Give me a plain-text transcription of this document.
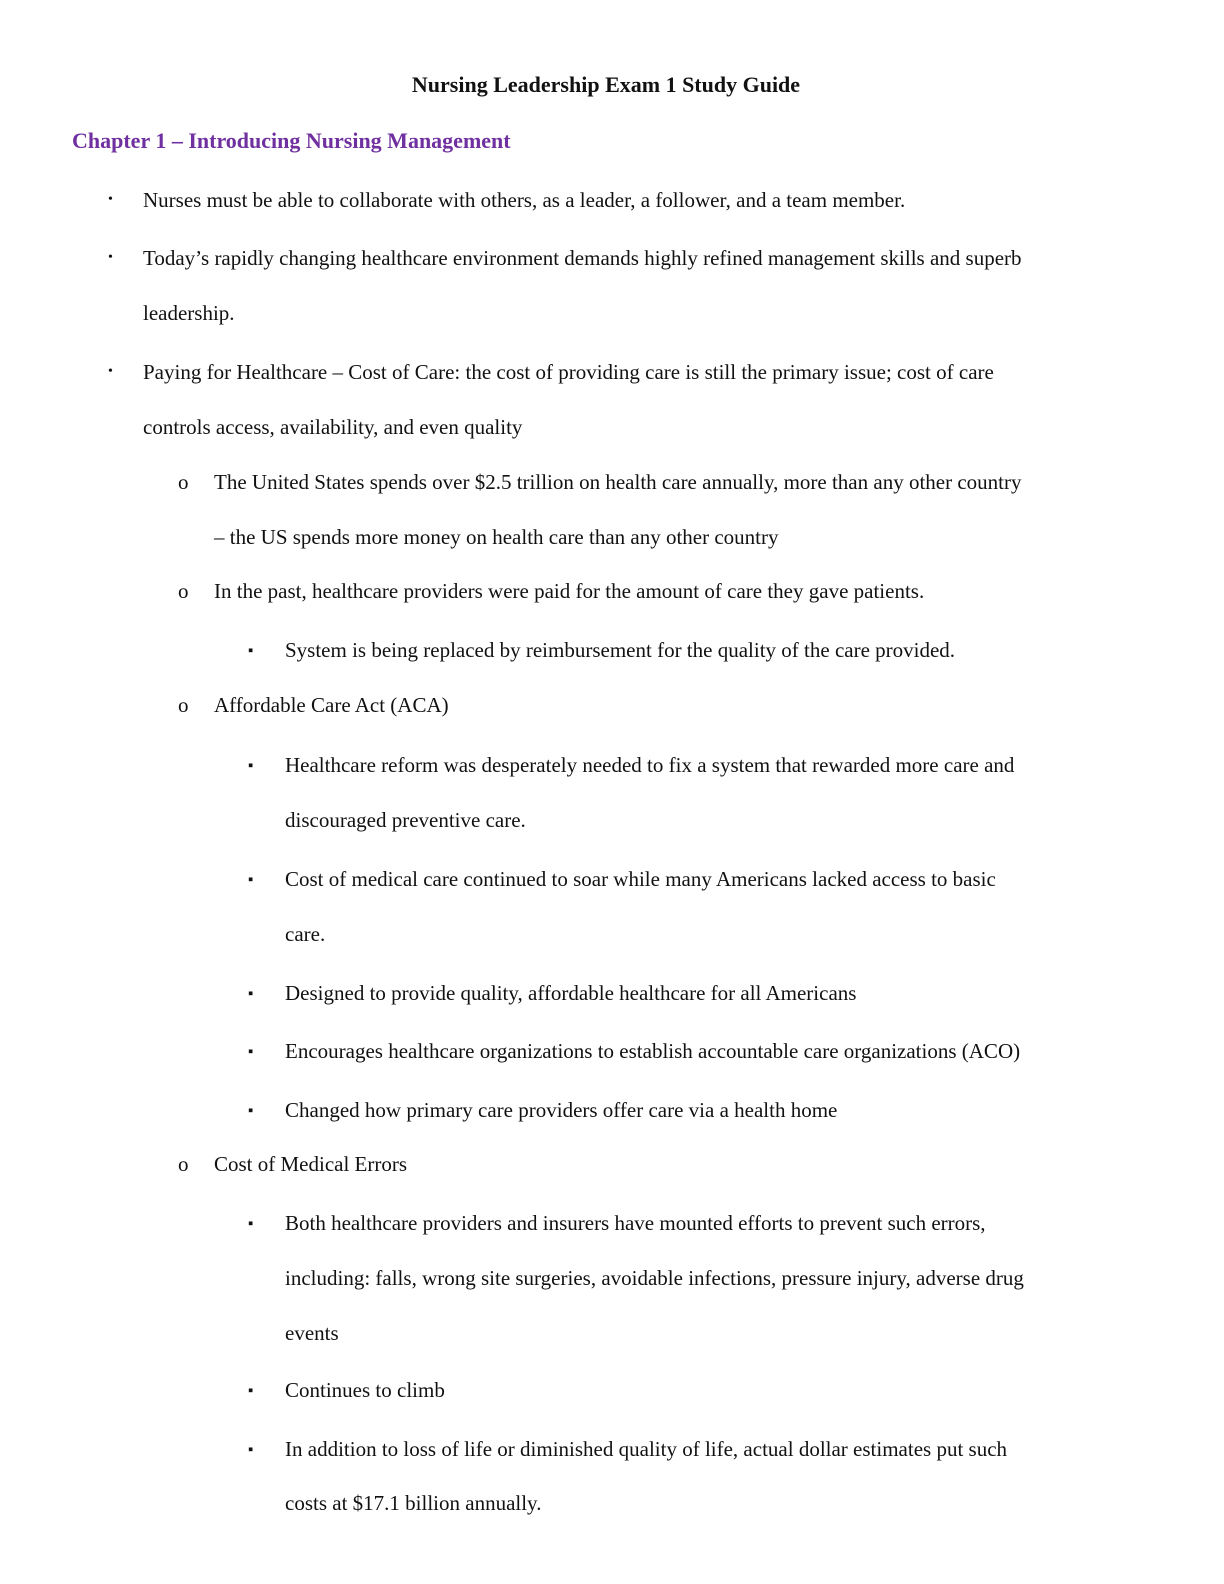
Nursing Leadership Exam 1 Study Guide
Chapter 1 – Introducing Nursing Management
• Nurses must be able to collaborate with others, as a leader, a follower, and a team member.
• Today’s rapidly changing healthcare environment demands highly refined management skills and superb
leadership.
• Paying for Healthcare – Cost of Care: the cost of providing care is still the primary issue; cost of care
controls access, availability, and even quality
o The United States spends over $2.5 trillion on health care annually, more than any other country
– the US spends more money on health care than any other country
o In the past, healthcare providers were paid for the amount of care they gave patients.
▪ System is being replaced by reimbursement for the quality of the care provided.
o Affordable Care Act (ACA)
▪ Healthcare reform was desperately needed to fix a system that rewarded more care and
discouraged preventive care.
▪ Cost of medical care continued to soar while many Americans lacked access to basic
care.
▪ Designed to provide quality, affordable healthcare for all Americans
▪ Encourages healthcare organizations to establish accountable care organizations (ACO)
▪ Changed how primary care providers offer care via a health home
o Cost of Medical Errors
▪ Both healthcare providers and insurers have mounted efforts to prevent such errors,
including: falls, wrong site surgeries, avoidable infections, pressure injury, adverse drug
events
▪ Continues to climb
▪ In addition to loss of life or diminished quality of life, actual dollar estimates put such
costs at $17.1 billion annually.
